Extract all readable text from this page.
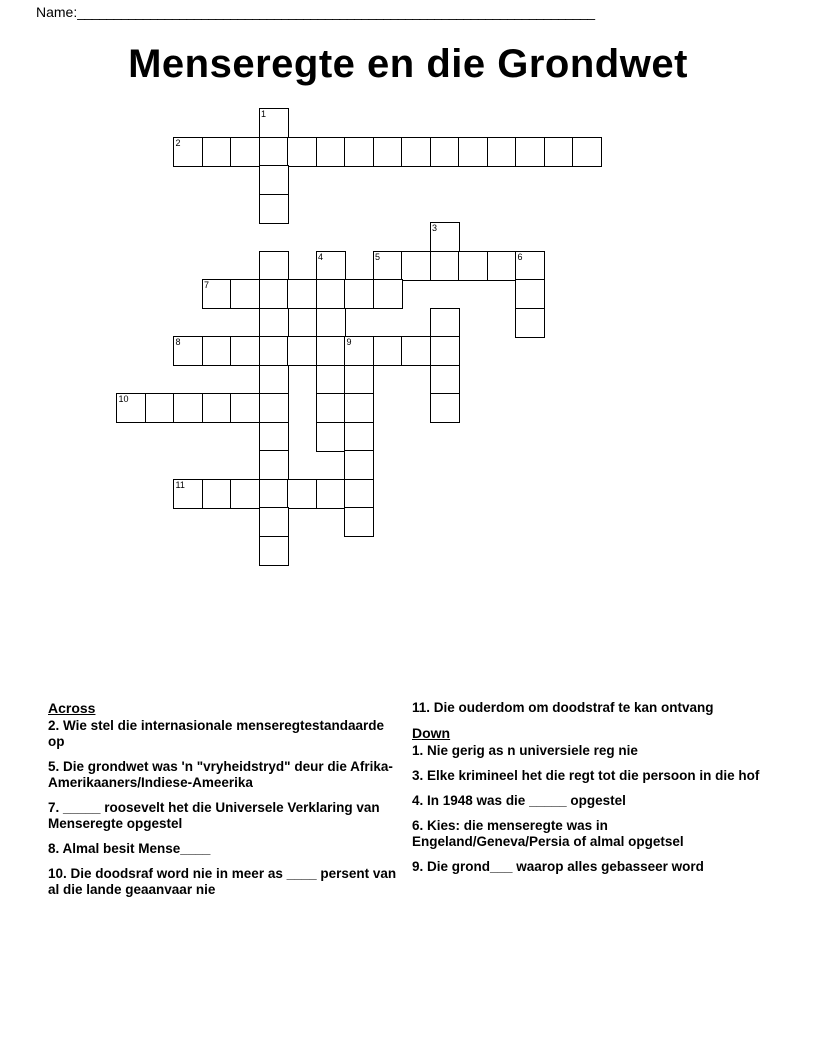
Name:_______________________________________________________________________
Menseregte en die Grondwet
1
2
3
4	5	6
7
8	9
10
11
Across
2. Wie stel die internasionale menseregtestandaarde op
5. Die grondwet was 'n "vryheidstryd" deur die Afrika-Amerikaaners/Indiese-Ameerika
7. _____ roosevelt het die Universele Verklaring van Menseregte opgestel
8. Almal besit Mense____
10. Die doodsraf word nie in meer as ____ persent van al die lande geaanvaar nie
11. Die ouderdom om doodstraf te kan ontvang
Down
1. Nie gerig as n universiele reg nie
3. Elke krimineel het die regt tot die persoon in die hof
4. In 1948 was die _____ opgestel
6. Kies: die menseregte was in Engeland/Geneva/Persia of almal opgetsel
9. Die grond___ waarop alles gebasseer word
